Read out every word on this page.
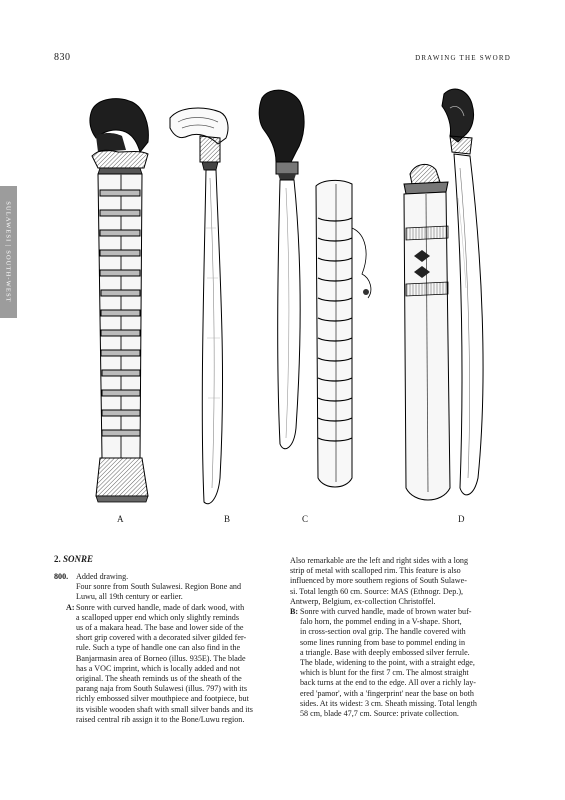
830	DRAWING THE SWORD
SULAWESI | SOUTH-WEST
A	B	C	D
2. SONRE

800. Added drawing.

Four sonre from South Sulawesi. Region Bone and

Luwu, all 19th century or earlier.

A:Sonre with curved handle, made of dark wood, with

a scalloped upper end which only slightly reminds

us of a makara head. The base and lower side of the

short grip covered with a decorated silver gilded fer-

rule. Such a type of handle one can also find in the

Banjarmasin area of Borneo (illus. 935E). The blade

has a VOC imprint, which is locally added and not

original. The sheath reminds us of the sheath of the

parang naja from South Sulawesi (illus. 797) with its

richly embossed silver mouthpiece and footpiece, but

its visible wooden shaft with small silver bands and its

raised central rib assign it to the Bone/Luwu region.

Also remarkable are the left and right sides with a long

strip of metal with scalloped rim. This feature is also

influenced by more southern regions of South Sulawe-

si. Total length 60 cm. Source: MAS (Ethnogr. Dep.),

Antwerp, Belgium, ex-collection Christoffel.

B: Sonre with curved handle, made of brown water buf-

falo horn, the pommel ending in a V-shape. Short,

in cross-section oval grip. The handle covered with

some lines running from base to pommel ending in

a triangle. Base with deeply embossed silver ferrule.

The blade, widening to the point, with a straight edge,

which is blunt for the first 7 cm. The almost straight

back turns at the end to the edge. All over a richly lay-

ered 'pamor', with a 'fingerprint' near the base on both

sides. At its widest: 3 cm. Sheath missing. Total length

58 cm, blade 47,7 cm. Source: private collection.
